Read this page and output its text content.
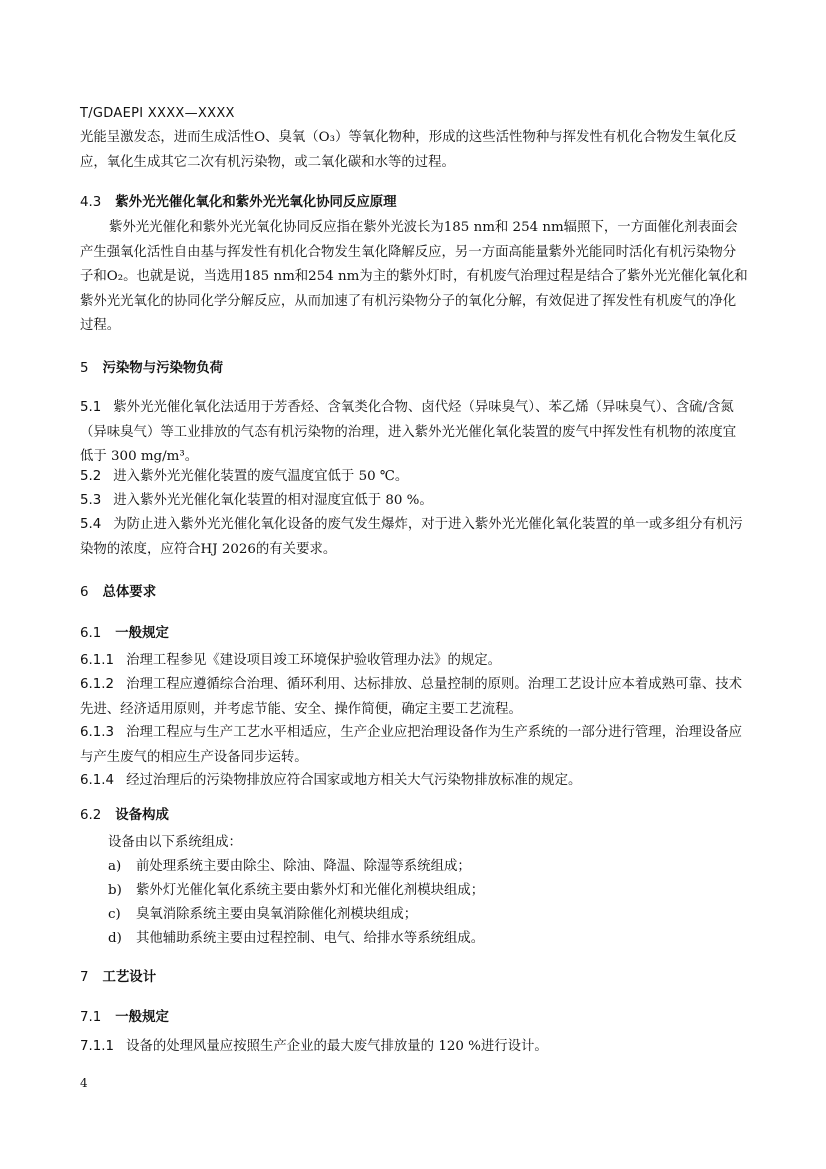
T/GDAEPI XXXX—XXXX
光能呈激发态，进而生成活性O、臭氧（O₃）等氧化物种，形成的这些活性物种与挥发性有机化合物发生氧化反应，氧化生成其它二次有机污染物，或二氧化碳和水等的过程。
4.3 紫外光光催化氧化和紫外光光氧化协同反应原理
紫外光光催化和紫外光光氧化协同反应指在紫外光波长为185 nm和 254 nm辐照下，一方面催化剂表面会产生强氧化活性自由基与挥发性有机化合物发生氧化降解反应，另一方面高能量紫外光能同时活化有机污染物分子和O₂。也就是说，当选用185 nm和254 nm为主的紫外灯时，有机废气治理过程是结合了紫外光光催化氧化和紫外光光氧化的协同化学分解反应，从而加速了有机污染物分子的氧化分解，有效促进了挥发性有机废气的净化过程。
5 污染物与污染物负荷
5.1 紫外光光催化氧化法适用于芳香烃、含氧类化合物、卤代烃（异味臭气）、苯乙烯（异味臭气）、含硫/含氮（异味臭气）等工业排放的气态有机污染物的治理，进入紫外光光催化氧化装置的废气中挥发性有机物的浓度宜低于 300 mg/m³。
5.2 进入紫外光光催化装置的废气温度宜低于 50 ℃。
5.3 进入紫外光光催化氧化装置的相对湿度宜低于 80 %。
5.4 为防止进入紫外光光催化氧化设备的废气发生爆炸，对于进入紫外光光催化氧化装置的单一或多组分有机污染物的浓度，应符合HJ 2026的有关要求。
6 总体要求
6.1 一般规定
6.1.1 治理工程参见《建设项目竣工环境保护验收管理办法》的规定。
6.1.2 治理工程应遵循综合治理、循环利用、达标排放、总量控制的原则。治理工艺设计应本着成熟可靠、技术先进、经济适用原则，并考虑节能、安全、操作简便，确定主要工艺流程。
6.1.3 治理工程应与生产工艺水平相适应，生产企业应把治理设备作为生产系统的一部分进行管理，治理设备应与产生废气的相应生产设备同步运转。
6.1.4 经过治理后的污染物排放应符合国家或地方相关大气污染物排放标准的规定。
6.2 设备构成
设备由以下系统组成：
a) 前处理系统主要由除尘、除油、降温、除湿等系统组成；
b) 紫外灯光催化氧化系统主要由紫外灯和光催化剂模块组成；
c) 臭氧消除系统主要由臭氧消除催化剂模块组成；
d) 其他辅助系统主要由过程控制、电气、给排水等系统组成。
7 工艺设计
7.1 一般规定
7.1.1 设备的处理风量应按照生产企业的最大废气排放量的 120 %进行设计。
4
